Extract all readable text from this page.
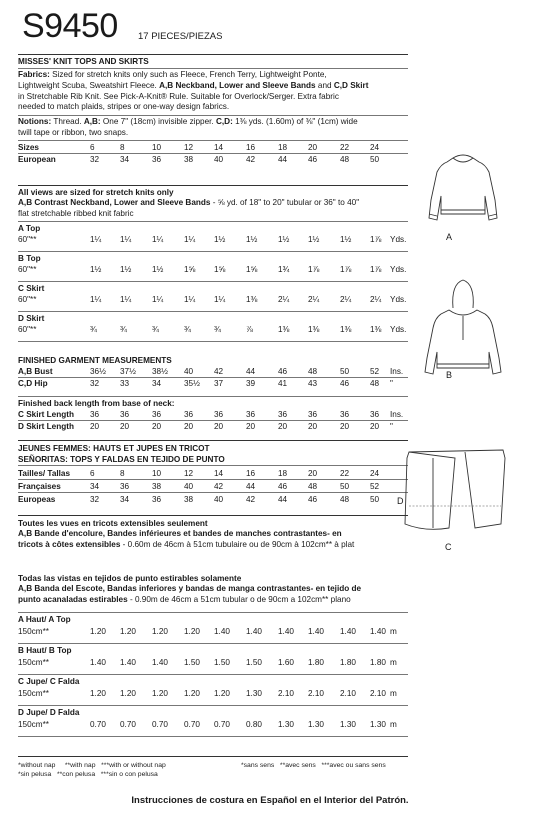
S9450 17 PIECES/PIEZAS
MISSES' KNIT TOPS AND SKIRTS
Fabrics: Sized for stretch knits only such as Fleece, French Terry, Lightweight Ponte,
Lightweight Scuba, Sweatshirt Fleece. A,B Neckband, Lower and Sleeve Bands and C,D Skirt
in Stretchable Rib Knit. See Pick-A-Knit® Rule. Suitable for Overlock/Serger. Extra fabric
needed to match plaids, stripes or one-way design fabrics.
Notions: Thread. A,B: One 7" (18cm) invisible zipper. C,D: 1⅜ yds. (1.60m) of ⅜" (1cm) wide
twill tape or ribbon, two snaps.
Sizes	6	8	10	12	14	16	18	20	22	24
European	32	34	36	38	40	42	44	46	48	50
A Top
60"**	1¼ 1¼	1¼	1¼ 1½	1½	1½ 1½	1½ 1⅞ Yds.
B Top
60"**	1½ 1½	1½	1⅝ 1⅝	1⅝	1¾ 1⅞	1⅞ 1⅞ Yds.
C Skirt
60"**	1¼ 1¼	1¼	1¼ 1¼	1⅜	2¼ 2¼	2¼ 2¼ Yds.
D Skirt
60"**	¾	¾	¾	¾	¾	⅞	1⅜ 1⅜	1⅜ 1⅜ Yds.
A,B Bust	36½ 37½ 38½ 40	42	44	46	48	50	52 Ins.
C,D Hip	32	33	34	35½ 37	39	41	43	46	48 "
C Skirt Length 36	36	36	36	36	36	36	36	36	36 Ins.
D Skirt Length 20	20	20	20	20	20	20	20	20	20 "
Tailles/ Tallas 6	8	10	12	14	16	18	20	22	24
Françaises	34	36	38	40	42	44	46	48	50	52
Europeas	32	34	36	38	40	42	44	46	48	50
A Haut/ A Top
150cm**	1.20 1.20 1.20 1.20 1.40 1.40 1.40 1.40 1.40 1.40 m
B Haut/ B Top
150cm**	1.40 1.40 1.40 1.50 1.50 1.50 1.60 1.80 1.80 1.80 m
C Jupe/ C Falda
150cm**	1.20 1.20 1.20 1.20 1.20 1.30 2.10 2.10 2.10 2.10 m
D Jupe/ D Falda
150cm**	0.70 0.70 0.70 0.70 0.70 0.80 1.30 1.30 1.30 1.30 m
All views are sized for stretch knits only
A,B Contrast Neckband, Lower and Sleeve Bands - ⅝ yd. of 18" to 20" tubular or 36" to 40"
flat stretchable ribbed knit fabric
FINISHED GARMENT MEASUREMENTS
Finished back length from base of neck:
JEUNES FEMMES: HAUTS ET JUPES EN TRICOT
SEÑORITAS: TOPS Y FALDAS EN TEJIDO DE PUNTO
Toutes les vues en tricots extensibles seulement
A,B Bande d'encolure, Bandes inférieures et bandes de manches contrastantes- en
tricots à côtes extensibles - 0.60m de 46cm à 51cm tubulaire ou de 90cm à 102cm** à plat
Todas las vistas en tejidos de punto estirables solamente
A,B Banda del Escote, Bandas inferiores y bandas de manga contrastantes- en tejido de
punto acanaladas estirables - 0.90m de 46cm a 51cm tubular o de 90cm a 102cm** plano
*without nap **with nap ***with or without nap
*sin pelusa **con pelusa ***sin o con pelusa
*sans sens **avec sens ***avec ou sans sens
Instrucciones de costura en Español en el Interior del Patrón.
A
B
D
C
